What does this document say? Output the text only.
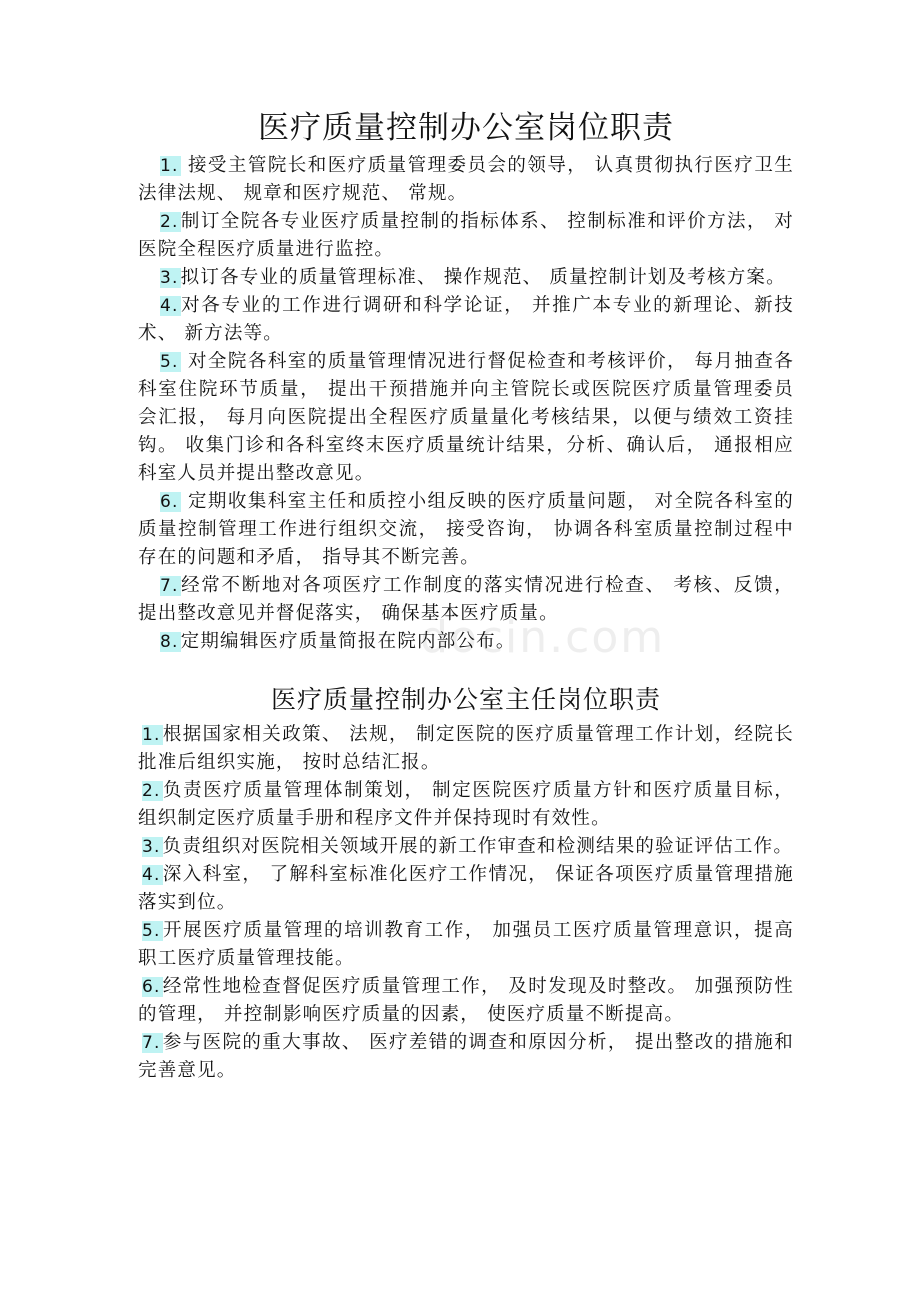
docin.com
医疗质量控制办公室岗位职责

1. 接受主管院长和医疗质量管理委员会的领导， 认真贯彻执行医疗卫生法律法规、 规章和医疗规范、 常规。

2. 制订全院各专业医疗质量控制的指标体系、 控制标准和评价方法， 对医院全程医疗质量进行监控。

3. 拟订各专业的质量管理标准、 操作规范、 质量控制计划及考核方案。

4. 对各专业的工作进行调研和科学论证， 并推广本专业的新理论、新技术、 新方法等。

5. 对全院各科室的质量管理情况进行督促检查和考核评价， 每月抽查各科室住院环节质量， 提出干预措施并向主管院长或医院医疗质量管理委员会汇报， 每月向医院提出全程医疗质量量化考核结果，以便与绩效工资挂钩。 收集门诊和各科室终末医疗质量统计结果，分析、确认后， 通报相应科室人员并提出整改意见。

6. 定期收集科室主任和质控小组反映的医疗质量问题， 对全院各科室的质量控制管理工作进行组织交流， 接受咨询， 协调各科室质量控制过程中存在的问题和矛盾， 指导其不断完善。

7. 经常不断地对各项医疗工作制度的落实情况进行检查、 考核、反馈， 提出整改意见并督促落实， 确保基本医疗质量。

8. 定期编辑医疗质量简报在院内部公布。

医疗质量控制办公室主任岗位职责

1. 根据国家相关政策、 法规， 制定医院的医疗质量管理工作计划，经院长批准后组织实施， 按时总结汇报。

2. 负责医疗质量管理体制策划， 制定医院医疗质量方针和医疗质量目标， 组织制定医疗质量手册和程序文件并保持现时有效性。

3. 负责组织对医院相关领域开展的新工作审查和检测结果的验证评估工作。

4. 深入科室， 了解科室标准化医疗工作情况， 保证各项医疗质量管理措施落实到位。

5. 开展医疗质量管理的培训教育工作， 加强员工医疗质量管理意识，提高职工医疗质量管理技能。

6. 经常性地检查督促医疗质量管理工作， 及时发现及时整改。 加强预防性的管理， 并控制影响医疗质量的因素， 使医疗质量不断提高。

7. 参与医院的重大事故、 医疗差错的调查和原因分析， 提出整改的措施和完善意见。
